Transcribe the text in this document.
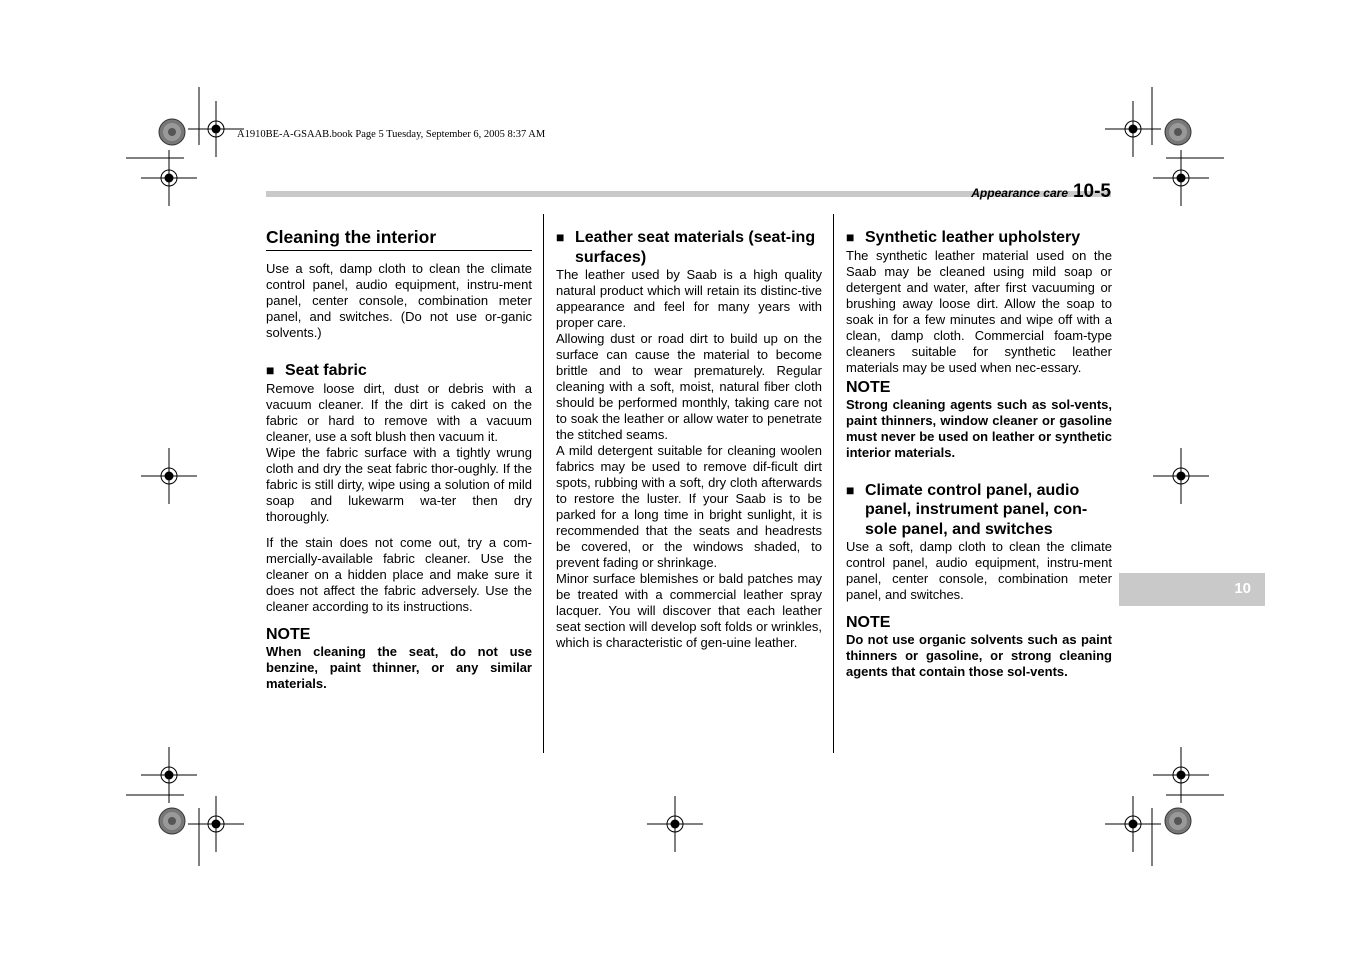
A1910BE-A-GSAAB.book Page 5 Tuesday, September 6, 2005 8:37 AM
Appearance care 10-5
10
Cleaning the interior

Use a soft, damp cloth to clean the climate control panel, audio equipment, instru-ment panel, center console, combination meter panel, and switches. (Do not use or-ganic solvents.)

■ Seat fabric

Remove loose dirt, dust or debris with a vacuum cleaner. If the dirt is caked on the fabric or hard to remove with a vacuum cleaner, use a soft blush then vacuum it.

Wipe the fabric surface with a tightly wrung cloth and dry the seat fabric thor-oughly. If the fabric is still dirty, wipe using a solution of mild soap and lukewarm wa-ter then dry thoroughly.

If the stain does not come out, try a com-mercially-available fabric cleaner. Use the cleaner on a hidden place and make sure it does not affect the fabric adversely. Use the cleaner according to its instructions.

NOTE

When cleaning the seat, do not use benzine, paint thinner, or any similar materials.

■ Leather seat materials (seat-ing surfaces)

The leather used by Saab is a high quality natural product which will retain its distinc-tive appearance and feel for many years with proper care.

Allowing dust or road dirt to build up on the surface can cause the material to become brittle and to wear prematurely. Regular cleaning with a soft, moist, natural fiber cloth should be performed monthly, taking care not to soak the leather or allow water to penetrate the stitched seams.

A mild detergent suitable for cleaning woolen fabrics may be used to remove dif-ficult dirt spots, rubbing with a soft, dry cloth afterwards to restore the luster. If your Saab is to be parked for a long time in bright sunlight, it is recommended that the seats and headrests be covered, or the windows shaded, to prevent fading or shrinkage.

Minor surface blemishes or bald patches may be treated with a commercial leather spray lacquer. You will discover that each leather seat section will develop soft folds or wrinkles, which is characteristic of gen-uine leather.

■ Synthetic leather upholstery

The synthetic leather material used on the Saab may be cleaned using mild soap or detergent and water, after first vacuuming or brushing away loose dirt. Allow the soap to soak in for a few minutes and wipe off with a clean, damp cloth. Commercial foam-type cleaners suitable for synthetic leather materials may be used when nec-essary.

NOTE

Strong cleaning agents such as sol-vents, paint thinners, window cleaner or gasoline must never be used on leather or synthetic interior materials.

■ Climate control panel, audio panel, instrument panel, con-sole panel, and switches

Use a soft, damp cloth to clean the climate control panel, audio equipment, instru-ment panel, center console, combination meter panel, and switches.

NOTE

Do not use organic solvents such as paint thinners or gasoline, or strong cleaning agents that contain those sol-vents.
